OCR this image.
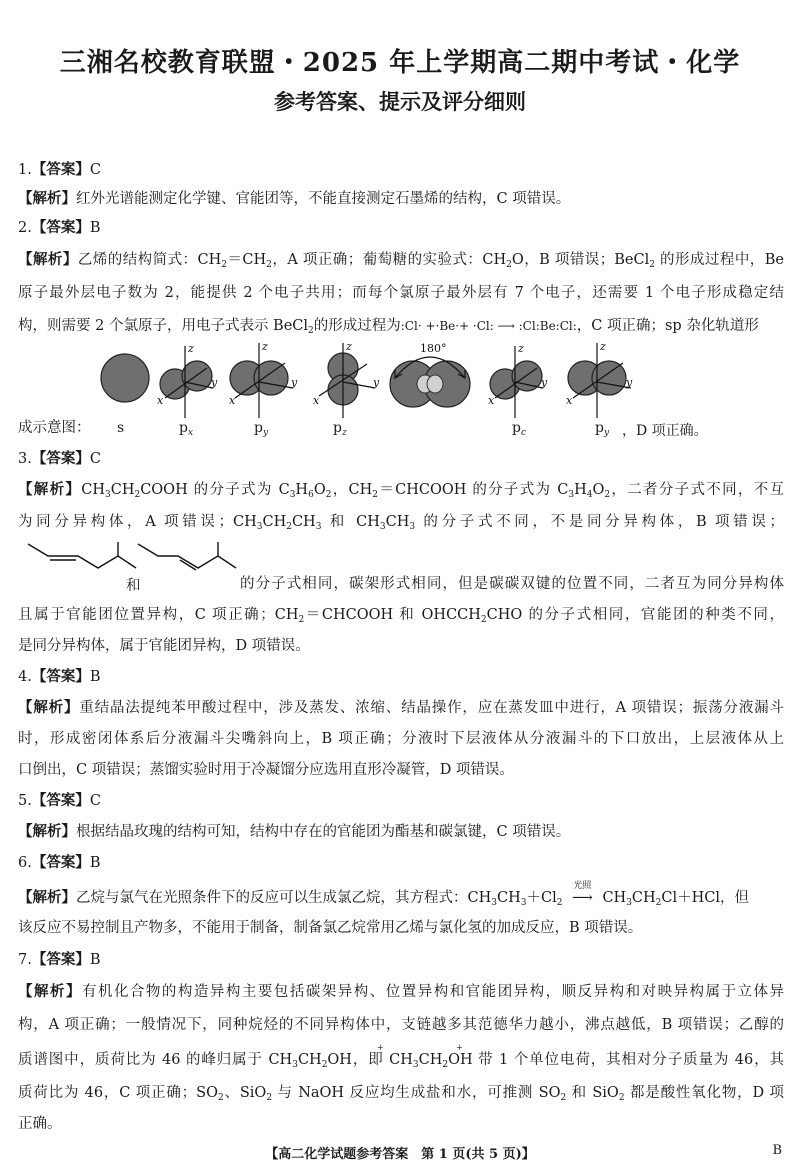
三湘名校教育联盟・2025 年上学期高二期中考试・化学
参考答案、提示及评分细则
1.【答案】C
【解析】红外光谱能测定化学键、官能团等，不能直接测定石墨烯的结构，C 项错误。
2.【答案】B
【解析】乙烯的结构简式：$CH_2=CH_2$，A 项正确；葡萄糖的实验式：$CH_2O$，B 项错误；BeCl$_2$ 的形成过程中，Be
原子最外层电子数为 2，能提供 2 个电子共用；而每个氯原子最外层有 7 个电子，还需要 1 个电子形成稳定结
构，则需要 2 个氯原子，用电子式表示 BeCl$_2$的形成过程为:Cl· +·Be·+ ·Cl: ⟶ :Cl:Be:Cl:，C 项正确；sp 杂化轨道形
z
y
x
z
y
x
z
y
x
z
y
x
z
y
x
180°
成示意图：	s	$p_x$	$p_y$	$p_z$	$p_c$	$p_y$ ，D 项正确。
3.【答案】C
【解析】$CH_3CH_2COOH$ 的分子式为 $C_3H_6O_2$，$CH_2=CHCOOH$ 的分子式为 $C_3H_4O_2$，二者分子式不同，不互
为同分异构体，A 项错误；$CH_3CH_2CH_3$ 和 $CH_3CH_3$ 的分子式不同，不是同分异构体，B 项错误；
和	的分子式相同，碳架形式相同，但是碳碳双键的位置不同，二者互为同分异构体
且属于官能团位置异构，C 项正确；$CH_2=CHCOOH$ 和 $OHCCH_2CHO$ 的分子式相同，官能团的种类不同，
是同分异构体，属于官能团异构，D 项错误。
4.【答案】B
【解析】重结晶法提纯苯甲酸过程中，涉及蒸发、浓缩、结晶操作，应在蒸发皿中进行，A 项错误；振荡分液漏斗
时，形成密闭体系后分液漏斗尖嘴斜向上，B 项正确；分液时下层液体从分液漏斗的下口放出，上层液体从上
口倒出，C 项错误；蒸馏实验时用于冷凝馏分应选用直形冷凝管，D 项错误。
5.【答案】C
【解析】根据结晶玫瑰的结构可知，结构中存在的官能团为酯基和碳氯键，C 项错误。
6.【答案】B
【解析】乙烷与氯气在光照条件下的反应可以生成氯乙烷，其方程式：$CH_3CH_3+Cl_2$
光照
⟶ $CH_3CH_2Cl+HCl$，但
该反应不易控制且产物多，不能用于制备，制备氯乙烷常用乙烯与氯化氢的加成反应，B 项错误。
7.【答案】B
【解析】有机化合物的构造异构主要包括碳架异构、位置异构和官能团异构，顺反异构和对映异构属于立体异
构，A 项正确；一般情况下，同种烷烃的不同异构体中，支链越多其范德华力越小，沸点越低，B 项错误；乙醇的
质谱图中，质荷比为 46 的峰归属于 $CH_3CH_2OH$，即 $CH_3CH_2OH$ 带 1 个单位电荷，其相对分子质量为 46，其
质荷比为 46，C 项正确；$SO_2$、SiO$_2$ 与 NaOH 反应均生成盐和水，可推测 $SO_2$ 和 SiO$_2$ 都是酸性氧化物，D 项
正确。
+	+
【高二化学试题参考答案　第 1 页(共 5 页)】	B
